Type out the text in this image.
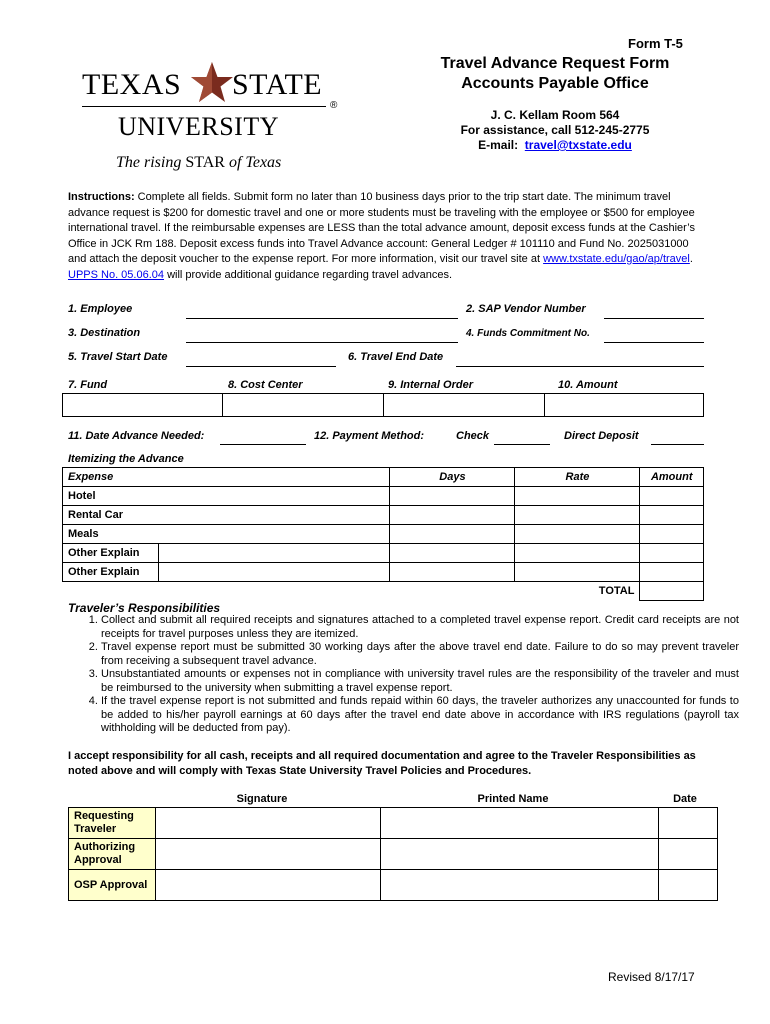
Form T-5
TEXAS STATE
®
UNIVERSITY
The rising STAR of Texas
Travel Advance Request Form
Accounts Payable Office
J. C. Kellam Room 564
For assistance, call 512-245-2775
E-mail: travel@txstate.edu
Instructions: Complete all fields. Submit form no later than 10 business days prior to the trip start date. The minimum travel advance request is $200 for domestic travel and one or more students must be traveling with the employee or $500 for employee international travel. If the reimbursable expenses are LESS than the total advance amount, deposit excess funds at the Cashier’s Office in JCK Rm 188. Deposit excess funds into Travel Advance account: General Ledger # 101110 and Fund No. 2025031000 and attach the deposit voucher to the expense report. For more information, visit our travel site at www.txstate.edu/gao/ap/travel. UPPS No. 05.06.04 will provide additional guidance regarding travel advances.
1. Employee	2. SAP Vendor Number
3. Destination	4. Funds Commitment No.
5. Travel Start Date	6. Travel End Date
7. Fund	8. Cost Center	9. Internal Order	10. Amount

11. Date Advance Needed:	12. Payment Method:	Check	Direct Deposit
Itemizing the Advance
Expense		Days	Rate	Amount
Hotel				
Rental Car				
Meals				
Other Explain				
Other Explain				
TOTAL				
Traveler’s Responsibilities
1. Collect and submit all required receipts and signatures attached to a completed travel expense report. Credit card receipts are not receipts for travel purposes unless they are itemized.
2. Travel expense report must be submitted 30 working days after the above travel end date. Failure to do so may prevent traveler from receiving a subsequent travel advance.
3. Unsubstantiated amounts or expenses not in compliance with university travel rules are the responsibility of the traveler and must be reimbursed to the university when submitting a travel expense report.
4. If the travel expense report is not submitted and funds repaid within 60 days, the traveler authorizes any unaccounted for funds to be added to his/her payroll earnings at 60 days after the travel end date above in accordance with IRS regulations (payroll tax withholding will be deducted from pay).
I accept responsibility for all cash, receipts and all required documentation and agree to the Traveler Responsibilities as noted above and will comply with Texas State University Travel Policies and Procedures.
Signature	Printed Name	Date
Requesting Traveler			
Authorizing Approval			
OSP Approval			
Revised 8/17/17
